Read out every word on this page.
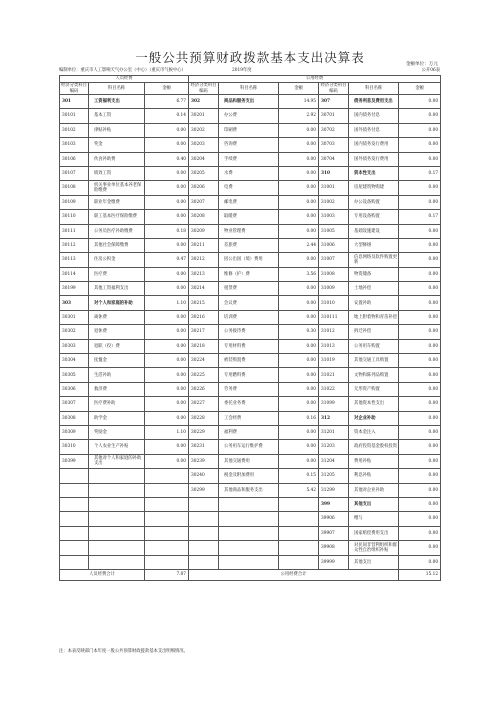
一般公共预算财政拨款基本支出决算表	金额单位：万元
编制单位：重庆市人工影响天气办公室（中心）（重庆市气候中心）	2019年度	公开06表
人员经费			公用经费					
经济分类科目编码	科目名称	金额	经济分类科目编码	科目名称	金额	经济分类科目编码	科目名称	金额
301	工资福利支出	6.77	302	商品和服务支出	14.95	307	债务利息及费用支出	0.00
30101	基本工资	0.14	30201	办公费	2.92	30701	国内债务付息	0.00
30102	津贴补贴	0.00	30202	印刷费	0.00	30702	国外债务付息	0.00
30103	奖金	0.00	30203	咨询费	0.00	30703	国内债务发行费用	0.00
30106	伙食补助费	0.40	30204	手续费	0.00	30704	国外债务发行费用	0.00
30107	绩效工资	0.00	30205	水费	0.00	310	资本性支出	0.17
30108	机关事业单位基本养老保险缴费	0.00	30206	电费	0.00	31001	房屋建筑物购建	0.00
30109	职业年金缴费	0.00	30207	邮电费	0.00	31002	办公设备购置	0.00
30110	职工基本医疗保险缴费	0.00	30208	取暖费	0.00	31003	专用设备购置	0.17
30111	公务员医疗补助缴费	0.18	30209	物业管理费	0.00	31005	基础设施建设	0.00
30112	其他社会保障缴费	0.00	30211	差旅费	2.44	31006	大型修缮	0.00
30113	住房公积金	0.47	30212	因公出国（境）费用	0.00	31007	信息网络及软件购置更新	0.00
30114	医疗费	0.00	30213	维修（护）费	3.56	31008	物资储备	0.00
30199	其他工资福利支出	0.00	30214	租赁费	0.00	31009	土地补偿	0.00
303	对个人和家庭的补助	1.10	30215	会议费	0.00	31010	安置补助	0.00
30301	离休费	0.00	30216	培训费	0.00	310111	地上附着物和青苗补偿	0.00
30302	退休费	0.00	30217	公务接待费	0.30	31012	拆迁补偿	0.00
30303	退职（役）费	0.00	30218	专用材料费	0.00	31013	公务用车购置	0.00
30304	抚恤金	0.00	30224	被装购置费	0.00	31019	其他交通工具购置	0.00
30305	生活补助	0.00	30225	专用燃料费	0.00	31021	文物和陈列品购置	0.00
30306	救济费	0.00	30226	劳务费	0.00	31022	无形资产购置	0.00
30307	医疗费补助	0.00	30227	委托业务费	0.00	31099	其他资本性支出	0.00
30308	助学金	0.00	30228	工会经费	0.16	312	对企业补助	0.00
30309	奖励金	1.10	30229	福利费	0.00	31201	资本金注入	0.00
30310	个人农业生产补贴	0.00	30231	公务用车运行维护费	0.00	31203	政府投资基金股权投资	0.00
30399	其他对个人和家庭的补助支出	0.00	30239	其他交通费用	0.00	31204	费用补贴	0.00
			30240	税金及附加费用	0.15	31205	利息补贴	0.00
			30299	其他商品和服务支出	5.42	31299	其他对企业补助	0.00
						399	其他支出	0.00
						39906	赠与	0.00
						39907	国家赔偿费用支出	0.00
						39908	对民间非营利组织和群众性自治组织补贴	0.00
						39999	其他支出	0.00
人员经费合计		7.87	公用经费合计					15.12
注：本表反映部门本年度一般公共预算财政拨款基本支出明细情况。
